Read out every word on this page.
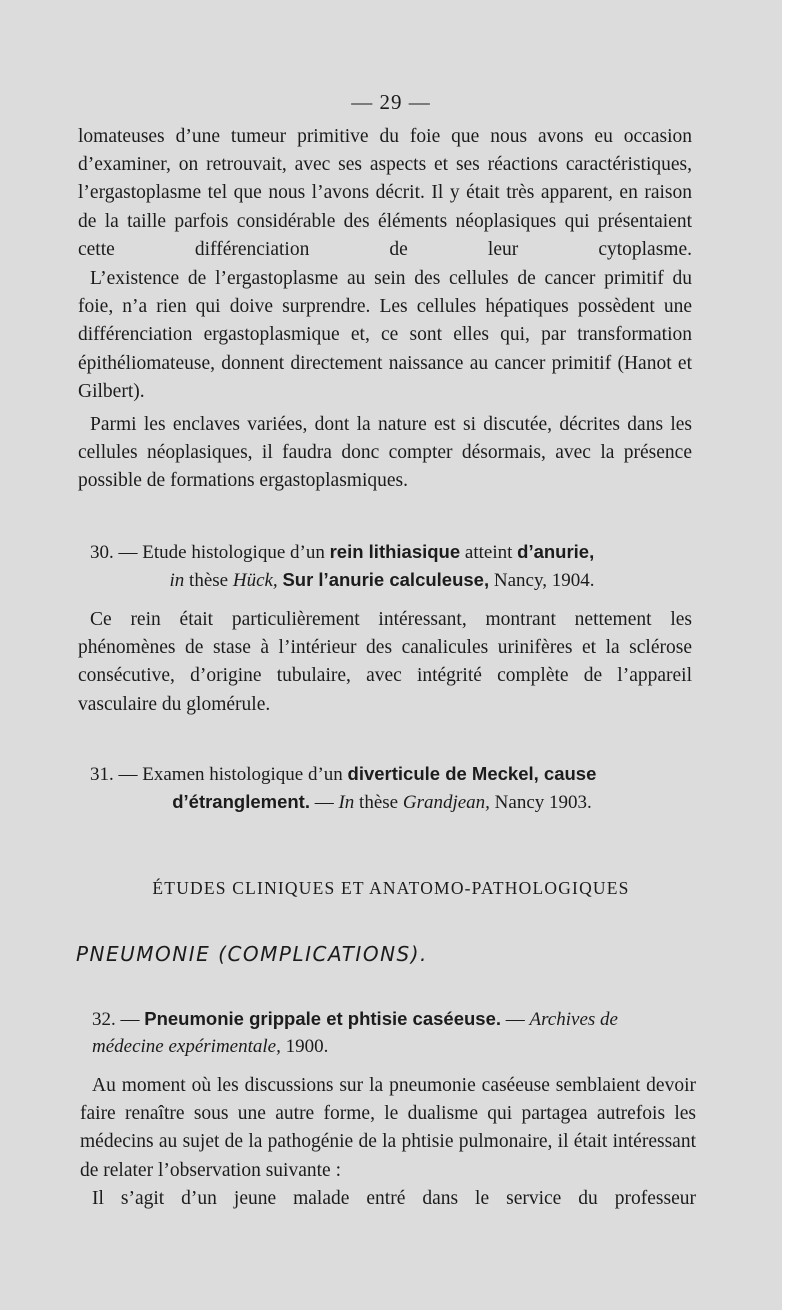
— 29 —

lomateuses d’une tumeur primitive du foie que nous avons eu occasion d’examiner, on retrouvait, avec ses aspects et ses réactions caractéristiques, l’ergastoplasme tel que nous l’avons décrit. Il y était très apparent, en raison de la taille parfois considérable des éléments néoplasiques qui présentaient cette différenciation de leur cytoplasme.

L’existence de l’ergastoplasme au sein des cellules de cancer primitif du foie, n’a rien qui doive surprendre. Les cellules hépatiques possèdent une différenciation ergastoplasmique et, ce sont elles qui, par transformation épithéliomateuse, donnent directement naissance au cancer primitif (Hanot et Gilbert).

Parmi les enclaves variées, dont la nature est si discutée, décrites dans les cellules néoplasiques, il faudra donc compter désormais, avec la présence possible de formations ergastoplasmiques.

30. — Etude histologique d’un rein lithiasique atteint d’anurie,
in thèse Hück, Sur l’anurie calculeuse, Nancy, 1904.

Ce rein était particulièrement intéressant, montrant nettement les phénomènes de stase à l’intérieur des canalicules urinifères et la sclérose consécutive, d’origine tubulaire, avec intégrité complète de l’appareil vasculaire du glomérule.

31. — Examen histologique d’un diverticule de Meckel, cause
d’étranglement. — In thèse Grandjean, Nancy 1903.

ÉTUDES CLINIQUES ET ANATOMO-PATHOLOGIQUES
PNEUMONIE (COMPLICATIONS).

32. — Pneumonie grippale et phtisie caséeuse. — Archives de médecine expérimentale, 1900.

Au moment où les discussions sur la pneumonie caséeuse semblaient devoir faire renaître sous une autre forme, le dualisme qui partagea autrefois les médecins au sujet de la pathogénie de la phtisie pulmonaire, il était intéressant de relater l’observation suivante :

Il s’agit d’un jeune malade entré dans le service du professeur
